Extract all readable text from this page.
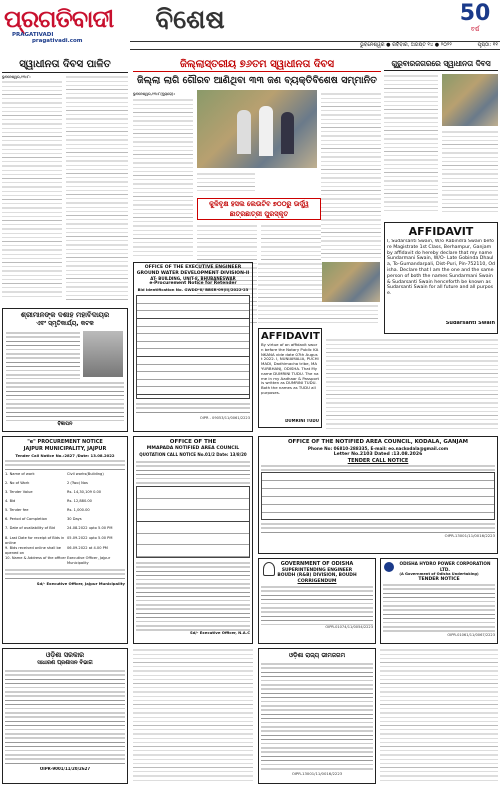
ପ୍ରଗତିବାଦୀ
PRAGATIVADI pragativadi.com
ବିଶେଷ	50
ବର୍ଷ
ଭୁବନେଶ୍ୱର ● ରବିବାର, ଅଗଷ୍ଟ ୧୪ ● ୨୦୨୨	ପୃଷ୍ଠା: ୧୧
ସ୍ୱାଧୀନତା ଦିବସ ପାଳିତ
ଭୁବନେଶ୍ୱର,୧୩।୮:
ଜିଲ୍ଲାସ୍ତରୀୟ ୭୬ତମ ସ୍ୱାଧୀନତା ଦିବସ
ଜିଲ୍ଲା ଲାଗି ଗୌରବ ଆଣିଥିବା ୩୩ ଜଣ ବ୍ୟକ୍ତିବିଶେଷ ସମ୍ମାନିତ
ଭୁବନେଶ୍ୱର,୧୩।୮(ବ୍ୟୁରୋ):
କୁଳିବୃକ୍ଷ ହସଲ ଲେଉଟିବ ୭୦୦ରୁ ଊର୍ଦ୍ଧ୍ୱ ଛାତ୍ରଛାତ୍ରୀ ପୁରସ୍କୃତ
ଗୁରୁବାରଜଗରରେ ସ୍ୱାଧୀନତା ଦିବସ
AFFIDAVIT
I, Sudarsanti Swain, W/o Rabindra Swain before Magistrate 1st Class, Berhampur, Ganjam by affidavit do hereby declare that my name Sundarmani Swain, W/O- Late Gobinda Dhaula, To-Gumandarpali, Dist-Puri, Pin-752110, Odisha. Declare that I am the one and the same person of both the names Sundarmani Swain & Sudarsanti Swain henceforth be known as Sudarsanti Swain for all future and all purpose.
Sudarsanti Swain
ଶ୍ରୀମାନଙ୍କ ଦଶାହ ମହାବିଦାୟର
ଏବଂ ସ୍ମୃତିକାର୍ଯ୍ୟ, କଟକ
ବିଜ୍ଞାପନ
OFFICE OF THE EXECUTIVE ENGINEER
GROUND WATER DEVELOPMENT DIVISION-II
AT- BUILDING, UNIT-8, BHUBANESWAR
e-Procurement Notice for Retender
Bid Identification No. GWDD-II/ BBSR-09(ii)/2022-23
OIPR - 09053/11/0061/2223
AFFIDAVIT
By virtue of an affidavit sworn before the Notary Public KANKANA vide date 07th August 2022. I, NUNIAMALIA, PUCHIMADI, Dadhimacha tribe, MAYURBHANJ, ODISHA. That My name DUMRINI TUDU. The name in my Aadhaar & Passport is written as DUMRINI TUDU. Both the names as TUDU all purposes.
DUMRINI TUDU
"e" PROCUREMENT NOTICE
JAJPUR MUNICIPALITY, JAJPUR
Tender Call Notice No.:2827 /Date: 13.08.2022
1. Name of work	Civil works(Building)
2. No of Work	2 (Two) Nos
3. Tender Value	Rs. 14,30,109 0.00
4. Bid	Rs. 12,880.00
5. Tender fee	Rs. 1,000.00
6. Period of Completion	30 Days
7. Date of availability of Bid	24.08.2022 upto 5.00 PM
8. Last Date for receipt of Bids in online
05.09.2022 upto 5.00 PM
9. Bids received online shall be opened on
06.09.2022 at 4.00 PM
10. Name & Address of the officer Executive Officer, Jajpur Municipality
Sd/- Executive Officer, Jajpur Municipality
OFFICE OF THE
MMAPADA NOTIFIED AREA COUNCIL
QUOTATION CALL NOTICE No.01/2 Date: 13/8/20
Sd/- Executive Officer, N.A.C
OFFICE OF THE NOTIFIED AREA COUNCIL, KODALA, GANJAM
Phone No: 06810-288335, E-mail: eo.nackodala@gmail.com
Letter No.2103 Dated :13.08.2026
TENDER CALL NOTICE
OIPR-13001/11/0016/2223
GOVERNMENT OF ODISHA
SUPERINTENDING ENGINEER
BOUDH (R&B) DIVISION, BOUDH
CORRIGENDUM
OIPR-01074/11/0054/2223
ODISHA HYDRO POWER CORPORATION LTD.
(A Government of Odisha Undertaking)
TENDER NOTICE
OIPR-01061/11/0067/2223
ଓଡ଼ିଶା ସରକାର
ସାଧାରଣ ପ୍ରଶାସନ ବିଭାଗ
OIPR-9001/11/20/2627
ଓଡ଼ିଶା ରାଜ୍ୟ ଭୀମଜଗମ
OIPR-13001/11/0016/2223
